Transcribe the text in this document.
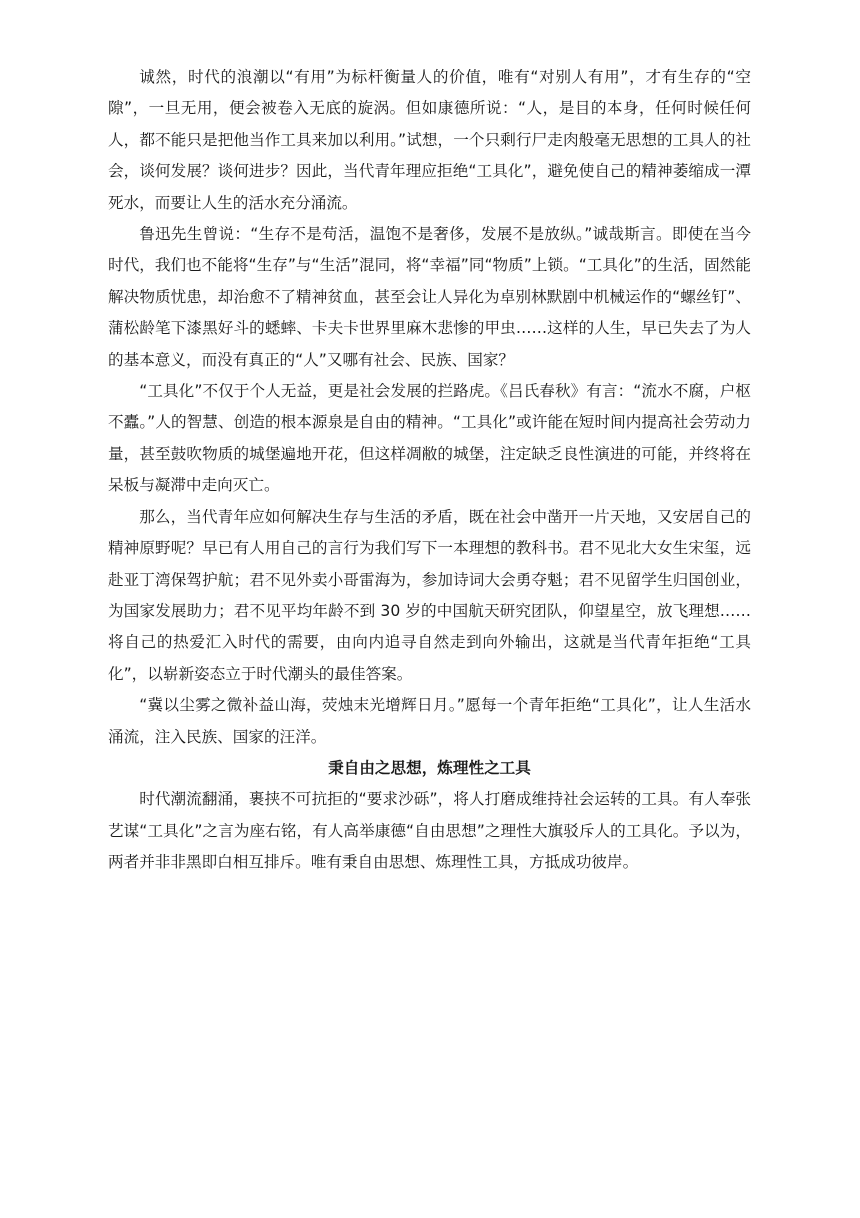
诚然，时代的浪潮以“有用”为标杆衡量人的价值，唯有“对别人有用”，才有生存的“空隙”，一旦无用，便会被卷入无底的旋涡。但如康德所说：“人，是目的本身，任何时候任何人，都不能只是把他当作工具来加以利用。”试想，一个只剩行尸走肉般毫无思想的工具人的社会，谈何发展？谈何进步？因此，当代青年理应拒绝“工具化”，避免使自己的精神萎缩成一潭死水，而要让人生的活水充分涌流。

鲁迅先生曾说：“生存不是苟活，温饱不是奢侈，发展不是放纵。”诚哉斯言。即使在当今时代，我们也不能将“生存”与“生活”混同，将“幸福”同“物质”上锁。“工具化”的生活，固然能解决物质忧患，却治愈不了精神贫血，甚至会让人异化为卓别林默剧中机械运作的“螺丝钉”、蒲松龄笔下漆黑好斗的蟋蟀、卡夫卡世界里麻木悲惨的甲虫……这样的人生，早已失去了为人的基本意义，而没有真正的“人”又哪有社会、民族、国家？

“工具化”不仅于个人无益，更是社会发展的拦路虎。《吕氏春秋》有言：“流水不腐，户枢不蠹。”人的智慧、创造的根本源泉是自由的精神。“工具化”或许能在短时间内提高社会劳动力量，甚至鼓吹物质的城堡遍地开花，但这样凋敝的城堡，注定缺乏良性演进的可能，并终将在呆板与凝滞中走向灭亡。

那么，当代青年应如何解决生存与生活的矛盾，既在社会中凿开一片天地，又安居自己的精神原野呢？早已有人用自己的言行为我们写下一本理想的教科书。君不见北大女生宋玺，远赴亚丁湾保驾护航；君不见外卖小哥雷海为，参加诗词大会勇夺魁；君不见留学生归国创业，为国家发展助力；君不见平均年龄不到 30 岁的中国航天研究团队，仰望星空，放飞理想……将自己的热爱汇入时代的需要，由向内追寻自然走到向外输出，这就是当代青年拒绝“工具化”，以崭新姿态立于时代潮头的最佳答案。

“冀以尘雾之微补益山海，荧烛末光增辉日月。”愿每一个青年拒绝“工具化”，让人生活水涌流，注入民族、国家的汪洋。

秉自由之思想，炼理性之工具

时代潮流翻涌，裹挟不可抗拒的“要求沙砾”，将人打磨成维持社会运转的工具。有人奉张艺谋“工具化”之言为座右铭，有人高举康德“自由思想”之理性大旗驳斥人的工具化。予以为，两者并非非黑即白相互排斥。唯有秉自由思想、炼理性工具，方抵成功彼岸。
